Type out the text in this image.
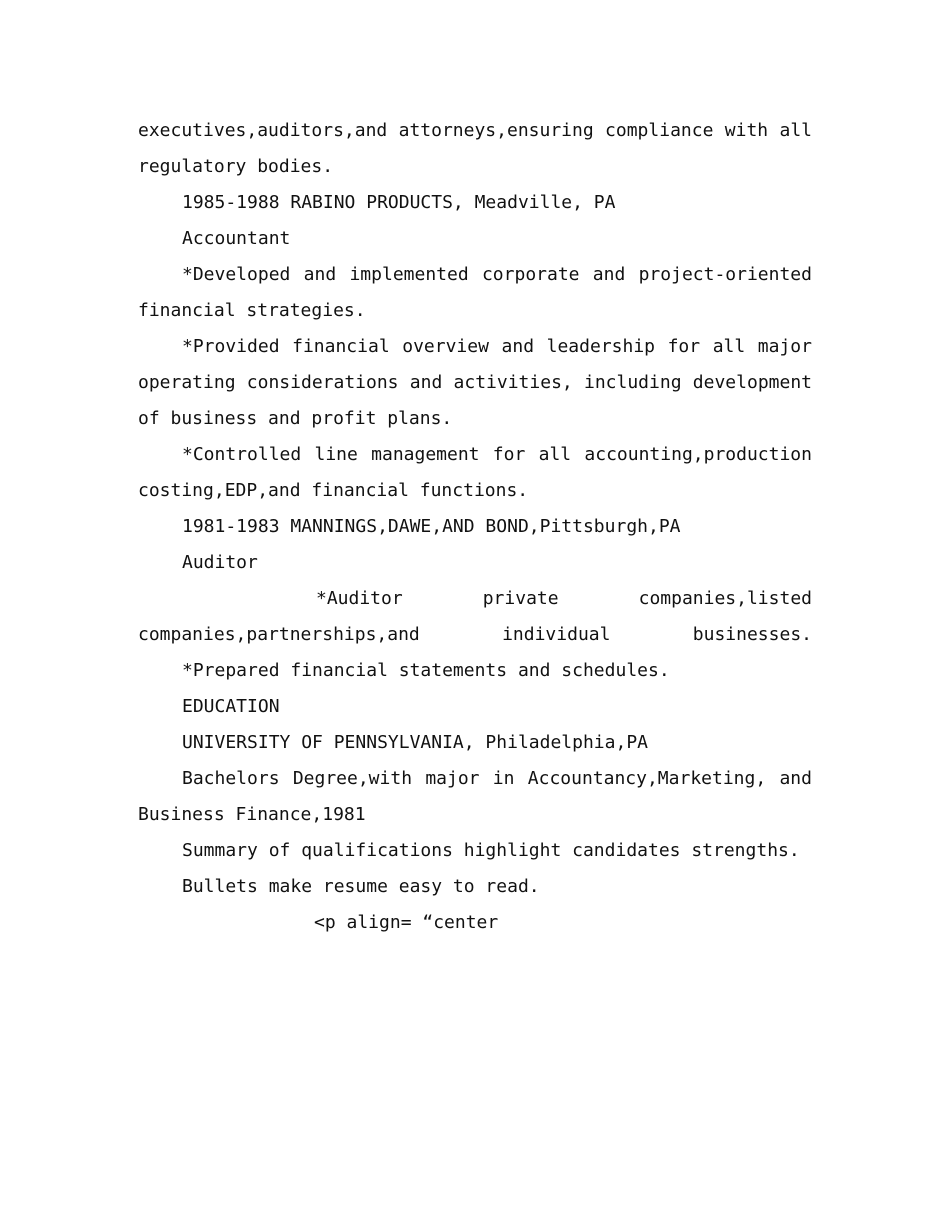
executives,auditors,and attorneys,ensuring compliance with all regulatory bodies.

1985-1988 RABINO PRODUCTS, Meadville, PA

Accountant

*Developed and implemented corporate and project-oriented financial strategies.

*Provided financial overview and leadership for all major operating considerations and activities, including development of business and profit plans.

*Controlled line management for all accounting,production costing,EDP,and financial functions.

1981-1983 MANNINGS,DAWE,AND BOND,Pittsburgh,PA

Auditor

*Auditor private companies,listed companies,partnerships,and individual businesses.

*Prepared financial statements and schedules.

EDUCATION

UNIVERSITY OF PENNSYLVANIA, Philadelphia,PA

Bachelors Degree,with major in Accountancy,Marketing, and Business Finance,1981

Summary of qualifications highlight candidates strengths.

Bullets make resume easy to read.

<p align= “center
